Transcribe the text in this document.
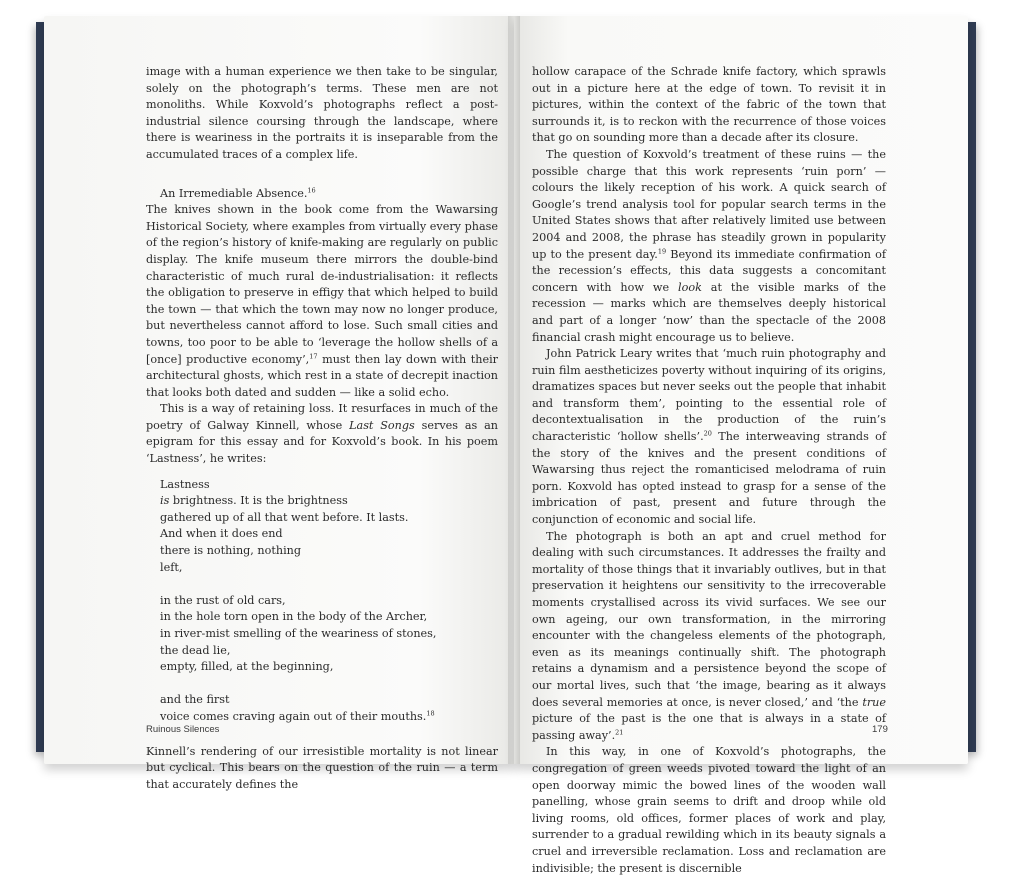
image with a human experience we then take to be singular, solely on the photograph’s terms. These men are not monoliths. While Koxvold’s photographs reflect a post-industrial silence coursing through the landscape, where there is weariness in the portraits it is inseparable from the accumulated traces of a complex life.

An Irremediable Absence.$^{16}$

The knives shown in the book come from the Wawarsing Historical Society, where examples from virtually every phase of the region’s history of knife-making are regularly on public display. The knife museum there mirrors the double-bind characteristic of much rural de-industrialisation: it reflects the obligation to preserve in effigy that which helped to build the town — that which the town may now no longer produce, but nevertheless cannot afford to lose. Such small cities and towns, too poor to be able to ‘leverage the hollow shells of a [once] productive economy’,$^{17}$ must then lay down with their architectural ghosts, which rest in a state of decrepit inaction that looks both dated and sudden — like a solid echo.

This is a way of retaining loss. It resurfaces in much of the poetry of Galway Kinnell, whose Last Songs serves as an epigram for this essay and for Koxvold’s book. In his poem ‘Lastness’, he writes:

Lastness
is brightness. It is the brightness
gathered up of all that went before. It lasts.
And when it does end
there is nothing, nothing
left,
in the rust of old cars,
in the hole torn open in the body of the Archer,
in river-mist smelling of the weariness of stones,
the dead lie,
empty, filled, at the beginning,
and the first
voice comes craving again out of their mouths.$^{18}$

Kinnell’s rendering of our irresistible mortality is not linear but cyclical. This bears on the question of the ruin — a term that accurately defines the

Ruinous Silences

hollow carapace of the Schrade knife factory, which sprawls out in a picture here at the edge of town. To revisit it in pictures, within the context of the fabric of the town that surrounds it, is to reckon with the recurrence of those voices that go on sounding more than a decade after its closure.

The question of Koxvold’s treatment of these ruins — the possible charge that this work represents ‘ruin porn’ — colours the likely reception of his work. A quick search of Google’s trend analysis tool for popular search terms in the United States shows that after relatively limited use between 2004 and 2008, the phrase has steadily grown in popularity up to the present day.$^{19}$ Beyond its immediate confirmation of the recession’s effects, this data suggests a concomitant concern with how we look at the visible marks of the recession — marks which are themselves deeply historical and part of a longer ‘now’ than the spectacle of the 2008 financial crash might encourage us to believe.

John Patrick Leary writes that ‘much ruin photography and ruin film aestheticizes poverty without inquiring of its origins, dramatizes spaces but never seeks out the people that inhabit and transform them’, pointing to the essential role of decontextualisation in the production of the ruin’s characteristic ‘hollow shells’.$^{20}$ The interweaving strands of the story of the knives and the present conditions of Wawarsing thus reject the romanticised melodrama of ruin porn. Koxvold has opted instead to grasp for a sense of the imbrication of past, present and future through the conjunction of economic and social life.

The photograph is both an apt and cruel method for dealing with such circumstances. It addresses the frailty and mortality of those things that it invariably outlives, but in that preservation it heightens our sensitivity to the irrecoverable moments crystallised across its vivid surfaces. We see our own ageing, our own transformation, in the mirroring encounter with the changeless elements of the photograph, even as its meanings continually shift. The photograph retains a dynamism and a persistence beyond the scope of our mortal lives, such that ‘the image, bearing as it always does several memories at once, is never closed,’ and ‘the true picture of the past is the one that is always in a state of passing away’.$^{21}$

In this way, in one of Koxvold’s photographs, the congregation of green weeds pivoted toward the light of an open doorway mimic the bowed lines of the wooden wall panelling, whose grain seems to drift and droop while old living rooms, old offices, former places of work and play, surrender to a gradual rewilding which in its beauty signals a cruel and irreversible reclamation. Loss and reclamation are indivisible; the present is discernible

179
